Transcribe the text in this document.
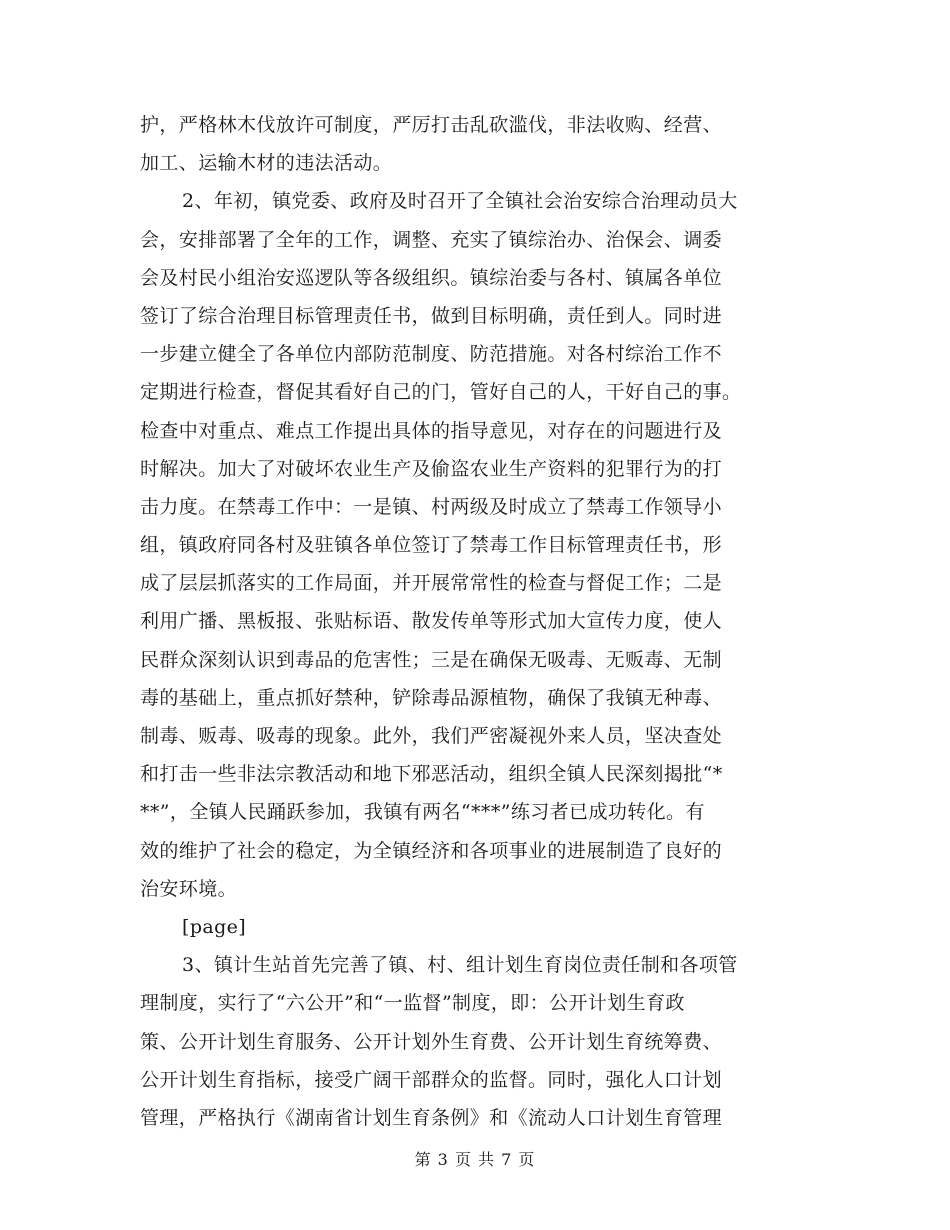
护，严格林木伐放许可制度，严厉打击乱砍滥伐，非法收购、经营、
加工、运输木材的违法活动。
2、年初，镇党委、政府及时召开了全镇社会治安综合治理动员大
会，安排部署了全年的工作，调整、充实了镇综治办、治保会、调委
会及村民小组治安巡逻队等各级组织。镇综治委与各村、镇属各单位
签订了综合治理目标管理责任书，做到目标明确，责任到人。同时进
一步建立健全了各单位内部防范制度、防范措施。对各村综治工作不
定期进行检查，督促其看好自己的门，管好自己的人，干好自己的事。
检查中对重点、难点工作提出具体的指导意见，对存在的问题进行及
时解决。加大了对破坏农业生产及偷盗农业生产资料的犯罪行为的打
击力度。在禁毒工作中：一是镇、村两级及时成立了禁毒工作领导小
组，镇政府同各村及驻镇各单位签订了禁毒工作目标管理责任书，形
成了层层抓落实的工作局面，并开展常常性的检查与督促工作；二是
利用广播、黑板报、张贴标语、散发传单等形式加大宣传力度，使人
民群众深刻认识到毒品的危害性；三是在确保无吸毒、无贩毒、无制
毒的基础上，重点抓好禁种，铲除毒品源植物，确保了我镇无种毒、
制毒、贩毒、吸毒的现象。此外，我们严密凝视外来人员，坚决查处
和打击一些非法宗教活动和地下邪恶活动，组织全镇人民深刻揭批“*
**”，全镇人民踊跃参加，我镇有两名“***”练习者已成功转化。有
效的维护了社会的稳定，为全镇经济和各项事业的进展制造了良好的
治安环境。
[page]
3、镇计生站首先完善了镇、村、组计划生育岗位责任制和各项管
理制度，实行了“六公开”和“一监督”制度，即：公开计划生育政
策、公开计划生育服务、公开计划外生育费、公开计划生育统筹费、
公开计划生育指标，接受广阔干部群众的监督。同时，强化人口计划
管理，严格执行《湖南省计划生育条例》和《流动人口计划生育管理
第 3 页 共 7 页
